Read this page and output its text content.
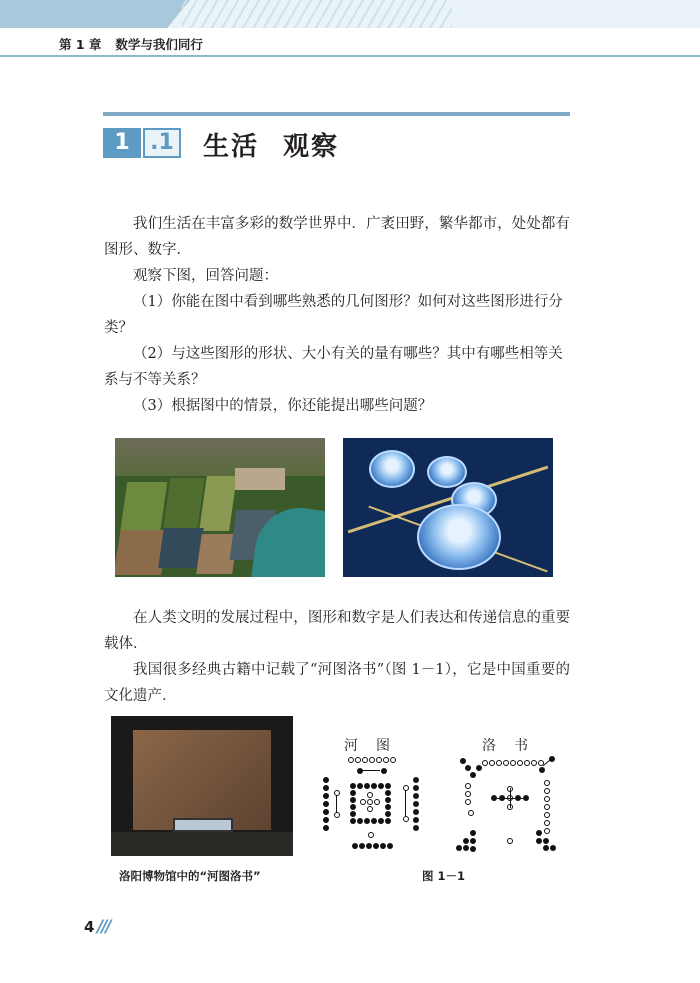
第 1 章 数学与我们同行
1 .1 生活 观察
我们生活在丰富多彩的数学世界中．广袤田野，繁华都市，处处都有图形、数字．
观察下图，回答问题：
（1）你能在图中看到哪些熟悉的几何图形？如何对这些图形进行分类？
（2）与这些图形的形状、大小有关的量有哪些？其中有哪些相等关系与不等关系？
（3）根据图中的情景，你还能提出哪些问题？
在人类文明的发展过程中，图形和数字是人们表达和传递信息的重要载体．
我国很多经典古籍中记载了“河图洛书”（图 1－1），它是中国重要的文化遗产．
洛阳博物馆中的“河图洛书”
河图	洛书
图 1－1
4 ///
